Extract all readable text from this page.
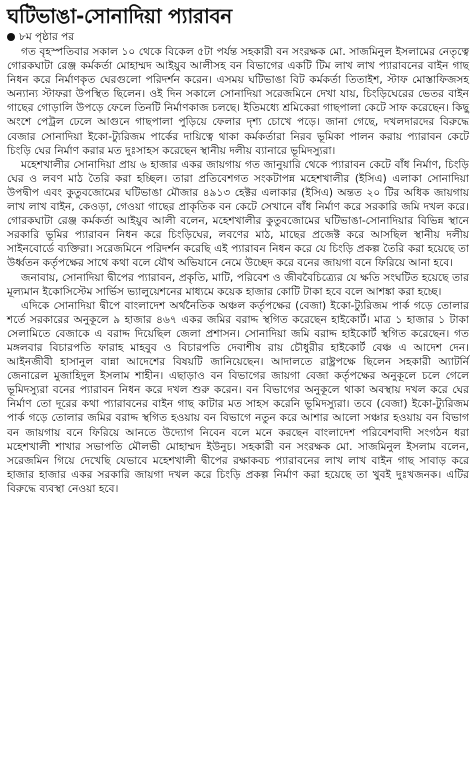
ঘটিভাঙা-সোনাদিয়া প্যারাবন
৮ম পৃষ্ঠার পর

গত বৃহস্পতিবার সকাল ১০ থেকে বিকেল ৫টা পর্যন্ত সহকারী বন সংরক্ষক মো. সাজমিনুল ইসলামের নেতৃত্বে গোরকঘাটা রেঞ্জ কর্মকর্তা মোহাম্মদ আইয়ুব আলীসহ বন বিভাগের একটি টিম লাখ লাখ প্যারাবনের বাইন গাছ নিধন করে নির্মাণকৃত ঘেরগুলো পরিদর্শন করেন। এসময় ঘটিভাঙা বিট কর্মকর্তা তিতাইশ, স্টাফ মোস্তাফিজসহ অন্যান্য স্টাফরা উপস্থিত ছিলেন। ওই দিন সকালে সোনাদিয়া সরেজমিনে দেখা যায়, চিংড়িঘেরের ভেতর বাইন গাছের গোড়ালি উপড়ে ফেলে তিনটি নির্মাণকাজ চলছে। ইতিমধ্যে শ্রমিকেরা গাছপালা কেটে সাফ করেছেন। কিছু অংশে পেট্রল ঢেলে আগুনে গাছপালা পুড়িয়ে ফেলার দৃশ্য চোখে পড়ে। জানা গেছে, দখলদারদের বিরুদ্ধে বেজার সোনাদিয়া ইকো-ট্যুরিজম পার্কের দায়িত্বে থাকা কর্মকর্তারা নিরব ভূমিকা পালন করায় প্যারাবন কেটে চিংড়ি ঘের নির্মাণ করার মত দুঃসাহস করেছেন স্থানীয় দলীয় ব্যানারে ভূমিদস্যুরা।

মহেশখালীর সোনাদিয়া প্রায় ৬ হাজার একর জায়গায় গত জানুয়ারি থেকে প্যারাবন কেটে বাঁধ নির্মাণ, চিংড়ি ঘের ও লবণ মাঠ তৈরি করা হচ্ছিল। তারা প্রতিবেশগত সংকটাপন্ন মহেশখালীর (ইসিএ) এলাকা সোনাদিয়া উপদ্বীপ এবং কুতুবজোমের ঘটিভাঙা মৌজার ৪৯১৩ হেক্টর এলাকার (ইসিএ) অন্তত ২০ টির অধিক জায়গায় লাখ লাখ বাইন, কেওড়া, গেওয়া গাছের প্রাকৃতিক বন কেটে সেখানে বাঁধ নির্মাণ করে সরকারি জমি দখল করে। গোরকঘাটা রেঞ্জ কর্মকর্তা আইয়ুব আলী বলেন, মহেশখালীর কুতুবজোমের ঘটিভাঙা-সোনাদিয়ার বিভিন্ন স্থানে সরকারি ভূমির প্যারাবন নিধন করে চিংড়িঘের, লবণের মাঠ, মাছের প্রজেক্ট করে আসছিল স্থানীয় দলীয় সাইনবোর্ডে ব্যক্তিরা। সরেজমিনে পরিদর্শন করেছি এই প্যারাবন নিধন করে যে চিংড়ি প্রকল্প তৈরি করা হয়েছে তা উর্ধ্বতন কর্তৃপক্ষের সাথে কথা বলে যৌথ অভিযানে নেমে উচ্ছেদ করে বনের জায়গা বনে ফিরিয়ে আনা হবে।

জনাবায়, সোনাদিয়া দ্বীপের প্যারাবন, প্রকৃতি, মাটি, পরিবেশ ও জীববৈচিত্র্যের যে ক্ষতি সংঘটিত হয়েছে তার মূল্যমান ইকোসিস্টেম সার্ভিস ভ্যালুয়েশনের মাধ্যমে কয়েক হাজার কোটি টাকা হবে বলে আশঙ্কা করা হচ্ছে।

এদিকে সোনাদিয়া দ্বীপে বাংলাদেশ অর্থনৈতিক অঞ্চল কর্তৃপক্ষের (বেজা) ইকো-ট্যুরিজম পার্ক গড়ে তোলার শর্তে সরকারের অনুকূলে ৯ হাজার ৪৬৭ একর জমির বরাদ্দ স্থগিত করেছেন হাইকোর্ট। মাত্র ১ হাজার ১ টাকা সেলামিতে বেজাকে এ বরাদ্দ দিয়েছিল জেলা প্রশাসন। সোনাদিয়া জমি বরাদ্দ হাইকোর্ট স্থগিত করেছেন। গত মঙ্গলবার বিচারপতি ফারাহ মাহবুব ও বিচারপতি দেবাশীষ রায় চৌধুরীর হাইকোর্ট বেঞ্চ এ আদেশ দেন। আইনজীবী হাসানুল বান্না আদেশের বিষয়টি জানিয়েছেন। আদালতে রাষ্ট্রপক্ষে ছিলেন সহকারী অ্যাটর্নি জেনারেল মুজাহিদুল ইসলাম শাহীন। এছাড়াও বন বিভাগের জায়গা বেজা কর্তৃপক্ষের অনুকূলে চলে গেলে ভূমিদস্যুরা বনের প্যারাবন নিধন করে দখল শুরু করেন। বন বিভাগের অনুকূলে থাকা অবস্থায় দখল করে ঘের নির্মাণ তো দূরের কথা প্যারাবনের বাইন গাছ কাটার মত সাহস করেনি ভূমিদস্যুরা। তবে (বেজা) ইকো-ট্যুরিজম পার্ক গড়ে তোলার জমির বরাদ্দ স্থগিত হওয়ায় বন বিভাগে নতুন করে আশার আলো সঞ্চার হওয়ায় বন বিভাগ বন জায়গায় বনে ফিরিয়ে আনতে উদ্যোগ নিবেন বলে মনে করছেন বাংলাদেশ পরিবেশবাদী সংগঠন ধরা মহেশখালী শাখার সভাপতি মৌলভী মোহাম্মদ ইউনুচ। সহকারী বন সংরক্ষক মো. সাজমিনুল ইসলাম বলেন, সরেজমিন গিয়ে দেখেছি যেভাবে মহেশখালী দ্বীপের রক্ষাকবচ প্যারাবনের লাখ লাখ বাইন গাছ সাবাড় করে হাজার হাজার একর সরকারি জায়গা দখল করে চিংড়ি প্রকল্প নির্মাণ করা হয়েছে তা খুবই দুঃখজনক। এটির বিরুদ্ধে ব্যবস্থা নেওয়া হবে।
